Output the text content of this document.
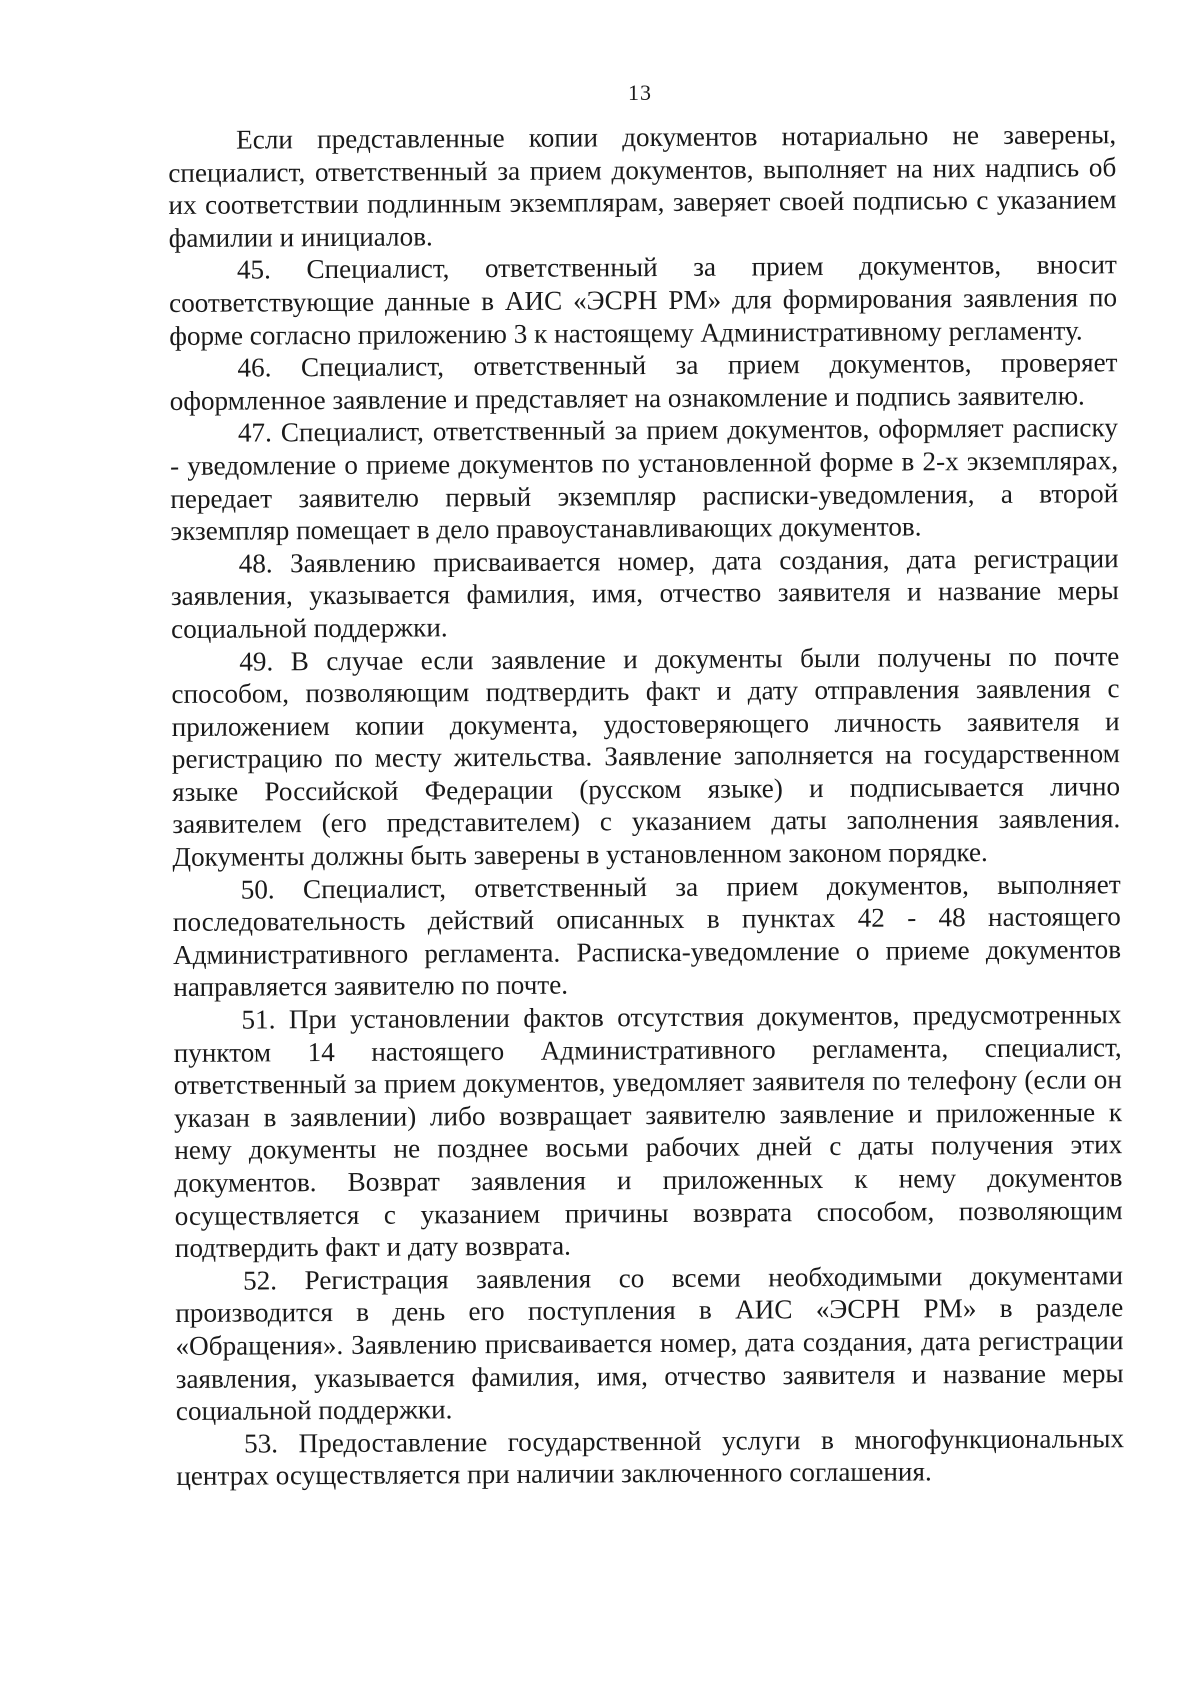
13

Если представленные копии документов нотариально не заверены, специалист, ответственный за прием документов, выполняет на них надпись об их соответствии подлинным экземплярам, заверяет своей подписью с указанием фамилии и инициалов.

45. Специалист, ответственный за прием документов, вносит соответствующие данные в АИС «ЭСРН РМ» для формирования заявления по форме согласно приложению 3 к настоящему Административному регламенту.

46. Специалист, ответственный за прием документов, проверяет оформленное заявление и представляет на ознакомление и подпись заявителю.

47. Специалист, ответственный за прием документов, оформляет расписку - уведомление о приеме документов по установленной форме в 2-х экземплярах, передает заявителю первый экземпляр расписки-уведомления, а второй экземпляр помещает в дело правоустанавливающих документов.

48. Заявлению присваивается номер, дата создания, дата регистрации заявления, указывается фамилия, имя, отчество заявителя и название меры социальной поддержки.

49. В случае если заявление и документы были получены по почте способом, позволяющим подтвердить факт и дату отправления заявления с приложением копии документа, удостоверяющего личность заявителя и регистрацию по месту жительства. Заявление заполняется на государственном языке Российской Федерации (русском языке) и подписывается лично заявителем (его представителем) с указанием даты заполнения заявления. Документы должны быть заверены в установленном законом порядке.

50. Специалист, ответственный за прием документов, выполняет последовательность действий описанных в пунктах 42 - 48 настоящего Административного регламента. Расписка-уведомление о приеме документов направляется заявителю по почте.

51. При установлении фактов отсутствия документов, предусмотренных пунктом 14 настоящего Административного регламента, специалист, ответственный за прием документов, уведомляет заявителя по телефону (если он указан в заявлении) либо возвращает заявителю заявление и приложенные к нему документы не позднее восьми рабочих дней с даты получения этих документов. Возврат заявления и приложенных к нему документов осуществляется с указанием причины возврата способом, позволяющим подтвердить факт и дату возврата.

52. Регистрация заявления со всеми необходимыми документами производится в день его поступления в АИС «ЭСРН РМ» в разделе «Обращения». Заявлению присваивается номер, дата создания, дата регистрации заявления, указывается фамилия, имя, отчество заявителя и название меры социальной поддержки.

53. Предоставление государственной услуги в многофункциональных центрах осуществляется при наличии заключенного соглашения.
